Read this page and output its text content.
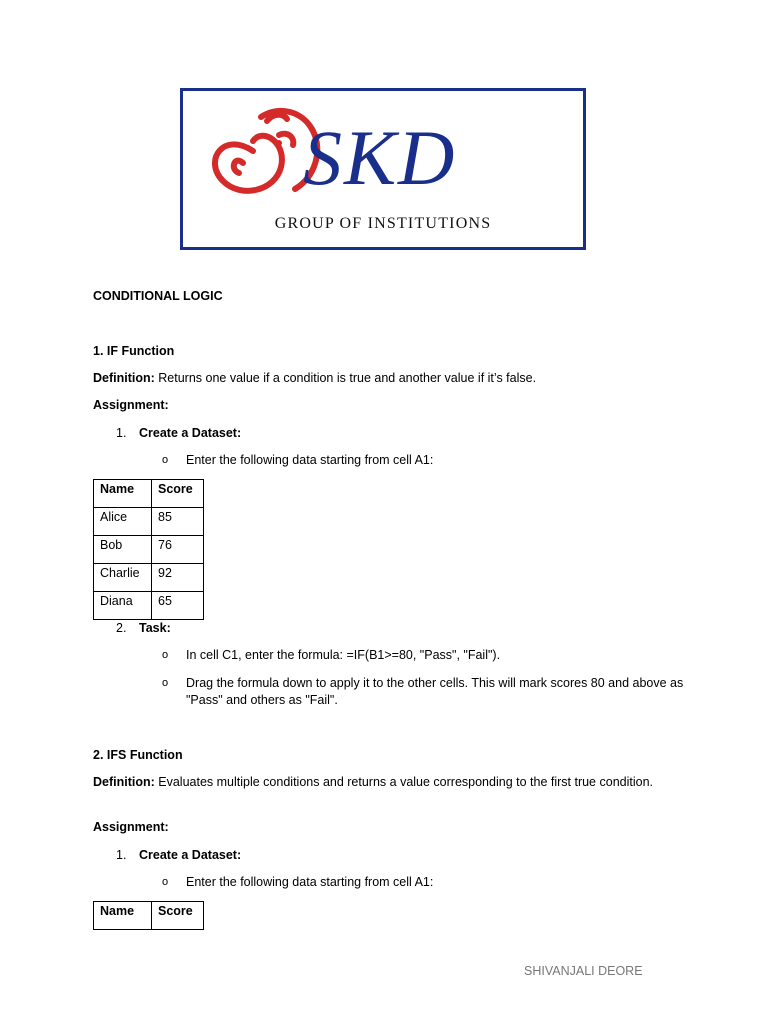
SKD
GROUP OF INSTITUTIONS
CONDITIONAL LOGIC
1. IF Function
Definition: Returns one value if a condition is true and another value if it’s false.
Assignment:
1. Create a Dataset:
o Enter the following data starting from cell A1:
Name	Score
Alice	85
Bob	76
Charlie	92
Diana	65
2. Task:
o In cell C1, enter the formula: =IF(B1>=80, "Pass", "Fail").
o Drag the formula down to apply it to the other cells. This will mark scores 80 and above as "Pass" and others as "Fail".
2. IFS Function
Definition: Evaluates multiple conditions and returns a value corresponding to the first true condition.
Assignment:
1. Create a Dataset:
o Enter the following data starting from cell A1:
Name	Score
SHIVANJALI DEORE
